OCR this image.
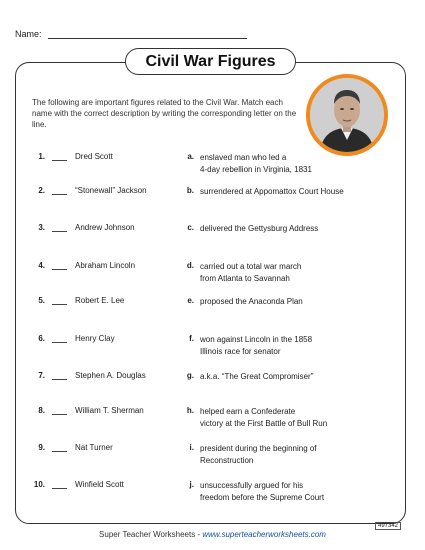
Name:
Civil War Figures
The following are important figures related to the Civil War. Match each name with the correct description by writing the corresponding letter on the line.
1.	Dred Scott	a. enslaved man who led a
4-day rebellion in Virginia, 1831
2.	“Stonewall” Jackson	b. surrendered at Appomattox Court House
3.	Andrew Johnson	c. delivered the Gettysburg Address
4.	Abraham Lincoln	d. carried out a total war march
from Atlanta to Savannah
5.	Robert E. Lee	e. proposed the Anaconda Plan
6.	Henry Clay	f. won against Lincoln in the 1858
Illinois race for senator
7.	Stephen A. Douglas	g. a.k.a. “The Great Compromiser”
8.	William T. Sherman	h. helped earn a Confederate
victory at the First Battle of Bull Run
9.	Nat Turner	i. president during the beginning of
Reconstruction
10.	Winfield Scott	j. unsuccessfully argued for his
freedom before the Supreme Court
Super Teacher Worksheets - www.superteacherworksheets.com
497342
